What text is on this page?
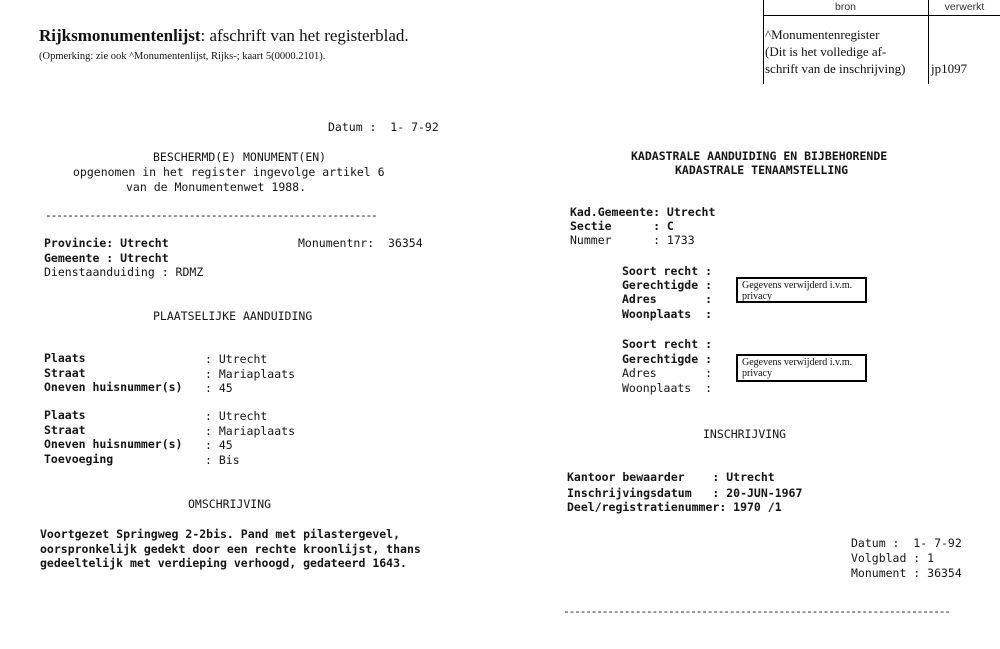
Rijksmonumentenlijst: afschrift van het registerblad.
(Opmerking: zie ook ^Monumentenlijst, Rijks-; kaart 5(0000.2101).

bron	verwerkt
^Monumentenregister
(Dit is het volledige af-
schrift van de inschrijving) jp1097
Datum :  1- 7-92
BESCHERMD(E) MONUMENT(EN)
opgenomen in het register ingevolge artikel 6
van de Monumentenwet 1988.
------------------------------------------------------------
Provincie: Utrecht	Monumentnr:  36354
Gemeente : Utrecht
Dienstaanduiding : RDMZ
PLAATSELIJKE AANDUIDING
Plaats
Straat
Oneven huisnummer(s)
: Utrecht
: Mariaplaats
: 45
Plaats
Straat
Oneven huisnummer(s)
Toevoeging
: Utrecht
: Mariaplaats
: 45
: Bis
OMSCHRIJVING
Voortgezet Springweg 2-2bis. Pand met pilastergevel,
oorspronkelijk gedekt door een rechte kroonlijst, thans
gedeeltelijk met verdieping verhoogd, gedateerd 1643.
KADASTRALE AANDUIDING EN BIJBEHORENDE
KADASTRALE TENAAMSTELLING
Kad.Gemeente: Utrecht
Sectie      : C
Nummer      : 1733
Soort recht :
Gerechtigde :
Adres       :
Woonplaats  :
Gegevens verwijderd i.v.m. privacy
Soort recht :
Gerechtigde :
Adres       :
Woonplaats  :
Gegevens verwijderd i.v.m. privacy
INSCHRIJVING
Kantoor bewaarder    : Utrecht
Inschrijvingsdatum   : 20-JUN-1967
Deel/registratienummer: 1970 /1
Datum :  1- 7-92
Volgblad : 1
Monument : 36354
----------------------------------------------------------------------
